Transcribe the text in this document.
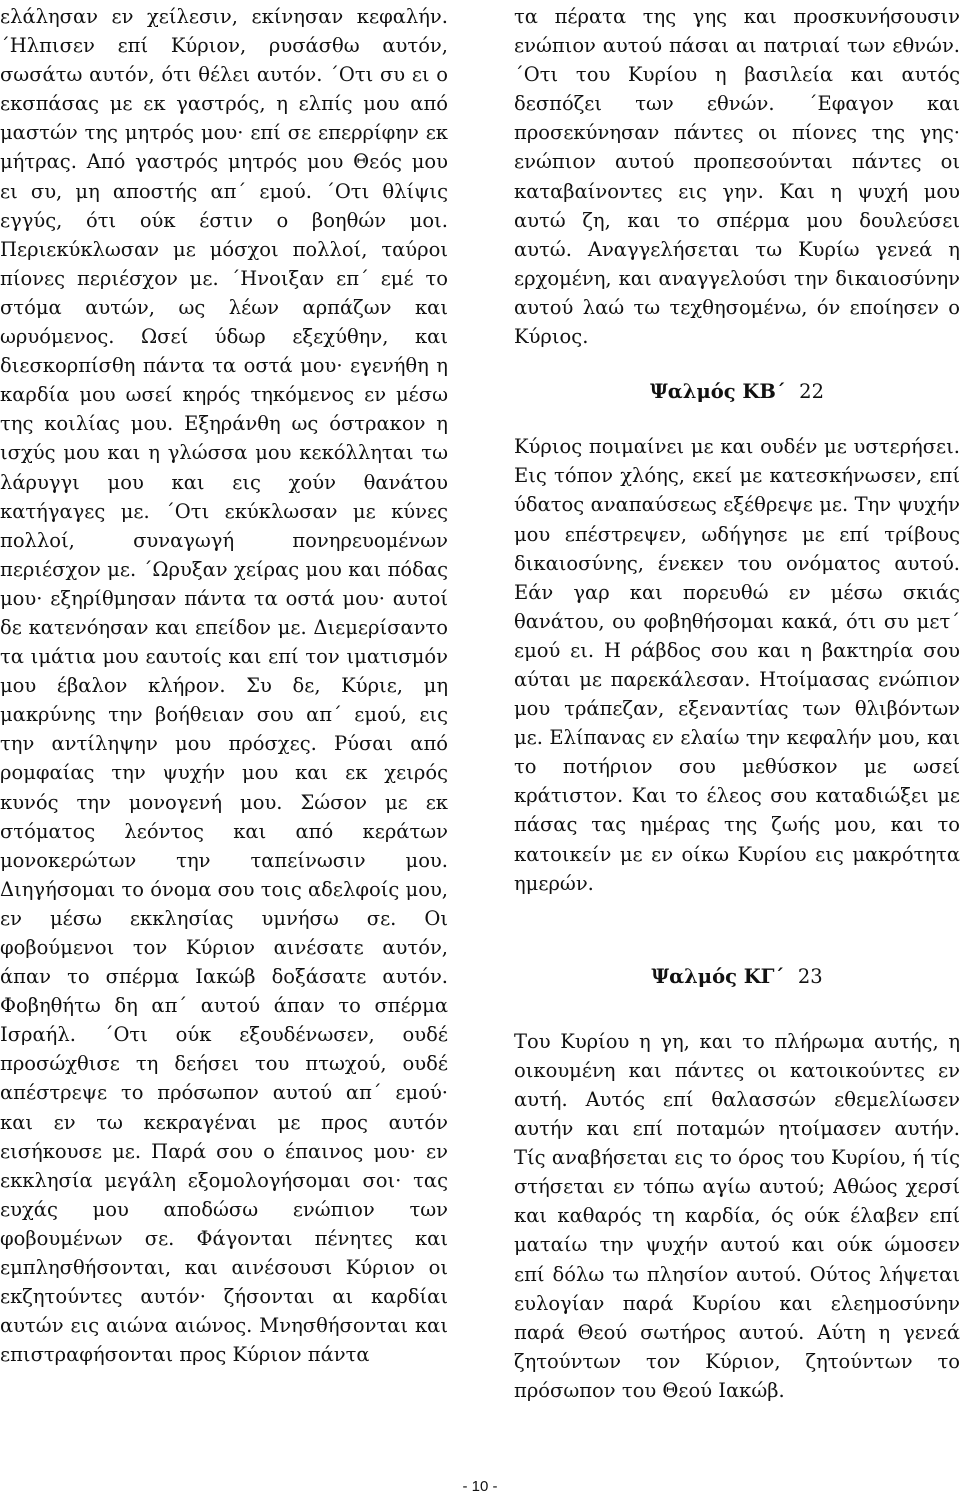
ελάλησαν εν χείλεσιν, εκίνησαν κεφαλήν. ΄Ηλπισεν επί Κύριον, ρυσάσθω αυτόν, σωσάτω αυτόν, ότι θέλει αυτόν. ΄Οτι συ ει ο εκσπάσας με εκ γαστρός, η ελπίς μου από μαστών της μητρός μου· επί σε επερρίφην εκ μήτρας. Από γαστρός μητρός μου Θεός μου ει συ, μη αποστής απ΄ εμού. ΄Οτι θλίψις εγγύς, ότι ούκ έστιν ο βοηθών μοι. Περιεκύκλωσαν με μόσχοι πολλοί, ταύροι πίονες περιέσχον με. ΄Ηνοιξαν επ΄ εμέ το στόμα αυτών, ως λέων αρπάζων και ωρυόμενος. Ωσεί ύδωρ εξεχύθην, και διεσκορπίσθη πάντα τα οστά μου· εγενήθη η καρδία μου ωσεί κηρός τηκόμενος εν μέσω της κοιλίας μου. Εξηράνθη ως όστρακον η ισχύς μου και η γλώσσα μου κεκόλληται τω λάρυγγι μου και εις χούν θανάτου κατήγαγες με. ΄Οτι εκύκλωσαν με κύνες πολλοί, συναγωγή πονηρευομένων περιέσχον με. ΄Ωρυξαν χείρας μου και πόδας μου· εξηρίθμησαν πάντα τα οστά μου· αυτοί δε κατενόησαν και επείδον με. Διεμερίσαντο τα ιμάτια μου εαυτοίς και επί τον ιματισμόν μου έβαλον κλήρον. Συ δε, Κύριε, μη μακρύνης την βοήθειαν σου απ΄ εμού, εις την αντίληψην μου πρόσχες. Ρύσαι από ρομφαίας την ψυχήν μου και εκ χειρός κυνός την μονογενή μου. Σώσον με εκ στόματος λεόντος και από κεράτων μονοκερώτων την ταπείνωσιν μου. Διηγήσομαι το όνομα σου τοις αδελφοίς μου, εν μέσω εκκλησίας υμνήσω σε. Οι φοβούμενοι τον Κύριον αινέσατε αυτόν, άπαν το σπέρμα Ιακώβ δοξάσατε αυτόν. Φοβηθήτω δη απ΄ αυτού άπαν το σπέρμα Ισραήλ. ΄Οτι ούκ εξουδένωσεν, ουδέ προσώχθισε τη δεήσει του πτωχού, ουδέ απέστρεψε το πρόσωπον αυτού απ΄ εμού· και εν τω κεκραγέναι με προς αυτόν εισήκουσε με. Παρά σου ο έπαινος μου· εν εκκλησία μεγάλη εξομολογήσομαι σοι· τας ευχάς μου αποδώσω ενώπιον των φοβουμένων σε. Φάγονται πένητες και εμπλησθήσονται, και αινέσουσι Κύριον οι εκζητούντες αυτόν· ζήσονται αι καρδίαι αυτών εις αιώνα αιώνος. Μνησθήσονται και επιστραφήσονται προς Κύριον πάντα

τα πέρατα της γης και προσκυνήσουσιν ενώπιον αυτού πάσαι αι πατριαί των εθνών. ΄Οτι του Κυρίου η βασιλεία και αυτός δεσπόζει των εθνών. ΄Εφαγον και προσεκύνησαν πάντες οι πίονες της γης· ενώπιον αυτού προπεσούνται πάντες οι καταβαίνοντες εις γην. Και η ψυχή μου αυτώ ζη, και το σπέρμα μου δουλεύσει αυτώ. Αναγγελήσεται τω Κυρίω γενεά η ερχομένη, και αναγγελούσι την δικαιοσύνην αυτού λαώ τω τεχθησομένω, όν εποίησεν ο Κύριος.

Ψαλμός ΚΒ΄ 22

Κύριος ποιμαίνει με και ουδέν με υστερήσει. Εις τόπον χλόης, εκεί με κατεσκήνωσεν, επί ύδατος αναπαύσεως εξέθρεψε με. Την ψυχήν μου επέστρεψεν, ωδήγησε με επί τρίβους δικαιοσύνης, ένεκεν του ονόματος αυτού. Εάν γαρ και πορευθώ εν μέσω σκιάς θανάτου, ου φοβηθήσομαι κακά, ότι συ μετ΄ εμού ει. Η ράβδος σου και η βακτηρία σου αύται με παρεκάλεσαν. Ητοίμασας ενώπιον μου τράπεζαν, εξεναντίας των θλιβόντων με. Ελίπανας εν ελαίω την κεφαλήν μου, και το ποτήριον σου μεθύσκον με ωσεί κράτιστον. Και το έλεος σου καταδιώξει με πάσας τας ημέρας της ζωής μου, και το κατοικείν με εν οίκω Κυρίου εις μακρότητα ημερών.

Ψαλμός ΚΓ΄ 23

Του Κυρίου η γη, και το πλήρωμα αυτής, η οικουμένη και πάντες οι κατοικούντες εν αυτή. Αυτός επί θαλασσών εθεμελίωσεν αυτήν και επί ποταμών ητοίμασεν αυτήν. Τίς αναβήσεται εις το όρος του Κυρίου, ή τίς στήσεται εν τόπω αγίω αυτού; Αθώος χερσί και καθαρός τη καρδία, ός ούκ έλαβεν επί ματαίω την ψυχήν αυτού και ούκ ώμοσεν επί δόλω τω πλησίον αυτού. Ούτος λήψεται ευλογίαν παρά Κυρίου και ελεημοσύνην παρά Θεού σωτήρος αυτού. Αύτη η γενεά ζητούντων τον Κύριον, ζητούντων το πρόσωπον του Θεού Ιακώβ.

- 10 -
